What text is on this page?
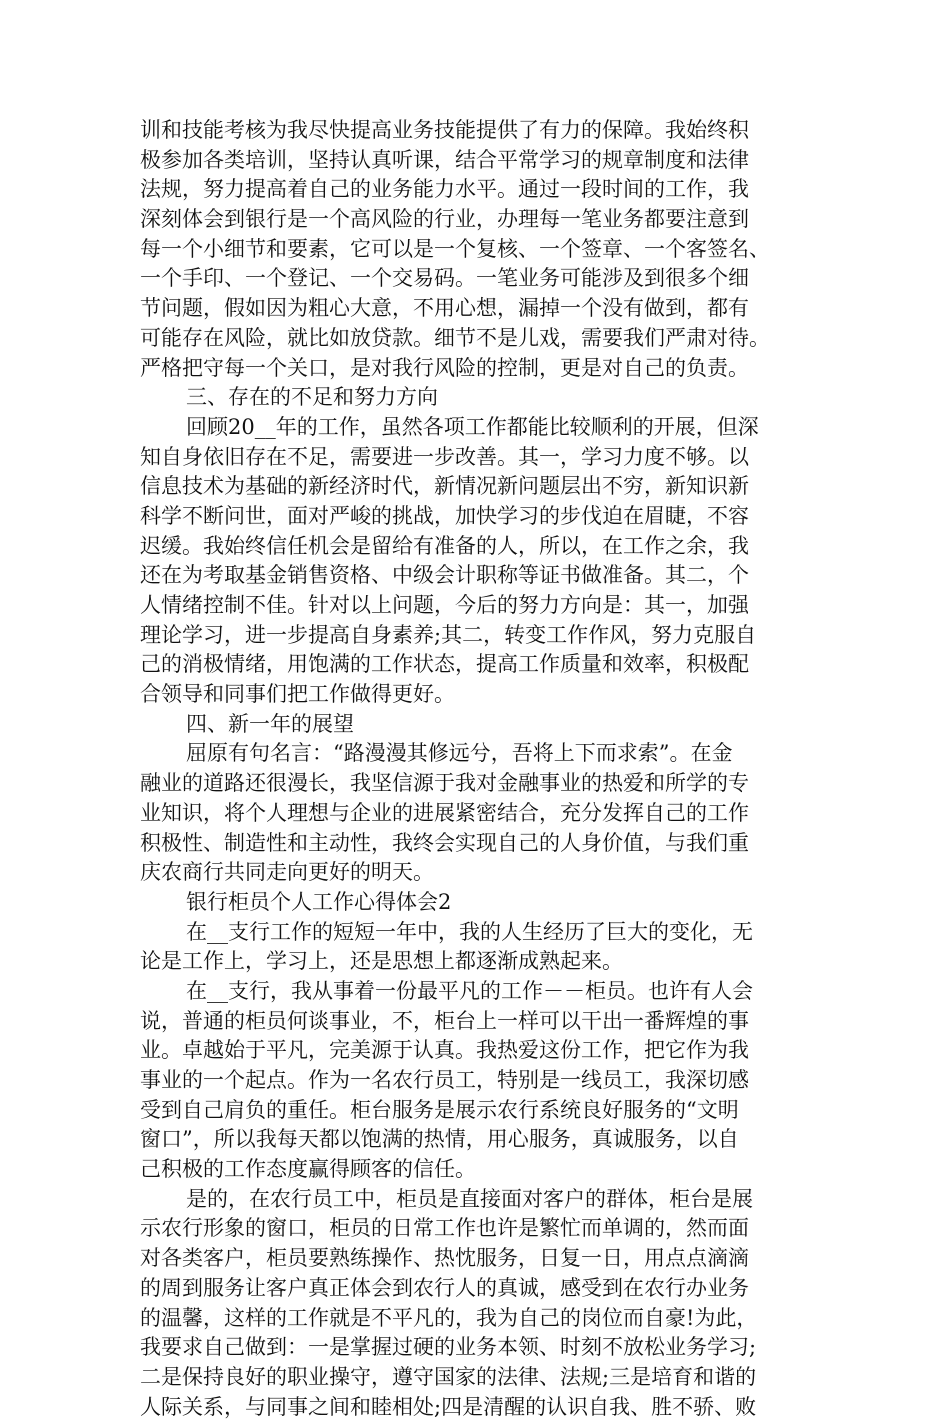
训和技能考核为我尽快提高业务技能提供了有力的保障。我始终积
极参加各类培训，坚持认真听课，结合平常学习的规章制度和法律
法规，努力提高着自己的业务能力水平。通过一段时间的工作，我
深刻体会到银行是一个高风险的行业，办理每一笔业务都要注意到
每一个小细节和要素，它可以是一个复核、一个签章、一个客签名、
一个手印、一个登记、一个交易码。一笔业务可能涉及到很多个细
节问题，假如因为粗心大意，不用心想，漏掉一个没有做到，都有
可能存在风险，就比如放贷款。细节不是儿戏，需要我们严肃对待。
严格把守每一个关口，是对我行风险的控制，更是对自己的负责。
三、存在的不足和努力方向
回顾20__年的工作，虽然各项工作都能比较顺利的开展，但深
知自身依旧存在不足，需要进一步改善。其一，学习力度不够。以
信息技术为基础的新经济时代，新情况新问题层出不穷，新知识新
科学不断问世，面对严峻的挑战，加快学习的步伐迫在眉睫，不容
迟缓。我始终信任机会是留给有准备的人，所以，在工作之余，我
还在为考取基金销售资格、中级会计职称等证书做准备。其二，个
人情绪控制不佳。针对以上问题，今后的努力方向是：其一，加强
理论学习，进一步提高自身素养;其二，转变工作作风，努力克服自
己的消极情绪，用饱满的工作状态，提高工作质量和效率，积极配
合领导和同事们把工作做得更好。
四、新一年的展望
屈原有句名言：“路漫漫其修远兮，吾将上下而求索”。在金
融业的道路还很漫长，我坚信源于我对金融事业的热爱和所学的专
业知识，将个人理想与企业的进展紧密结合，充分发挥自己的工作
积极性、制造性和主动性，我终会实现自己的人身价值，与我们重
庆农商行共同走向更好的明天。
银行柜员个人工作心得体会2
在__支行工作的短短一年中，我的人生经历了巨大的变化，无
论是工作上，学习上，还是思想上都逐渐成熟起来。
在__支行，我从事着一份最平凡的工作－－柜员。也许有人会
说，普通的柜员何谈事业，不，柜台上一样可以干出一番辉煌的事
业。卓越始于平凡，完美源于认真。我热爱这份工作，把它作为我
事业的一个起点。作为一名农行员工，特别是一线员工，我深切感
受到自己肩负的重任。柜台服务是展示农行系统良好服务的“文明
窗口”，所以我每天都以饱满的热情，用心服务，真诚服务，以自
己积极的工作态度赢得顾客的信任。
是的，在农行员工中，柜员是直接面对客户的群体，柜台是展
示农行形象的窗口，柜员的日常工作也许是繁忙而单调的，然而面
对各类客户，柜员要熟练操作、热忱服务，日复一日，用点点滴滴
的周到服务让客户真正体会到农行人的真诚，感受到在农行办业务
的温馨，这样的工作就是不平凡的，我为自己的岗位而自豪!为此，
我要求自己做到：一是掌握过硬的业务本领、时刻不放松业务学习;
二是保持良好的职业操守，遵守国家的法律、法规;三是培育和谐的
人际关系，与同事之间和睦相处;四是清醒的认识自我、胜不骄、败
